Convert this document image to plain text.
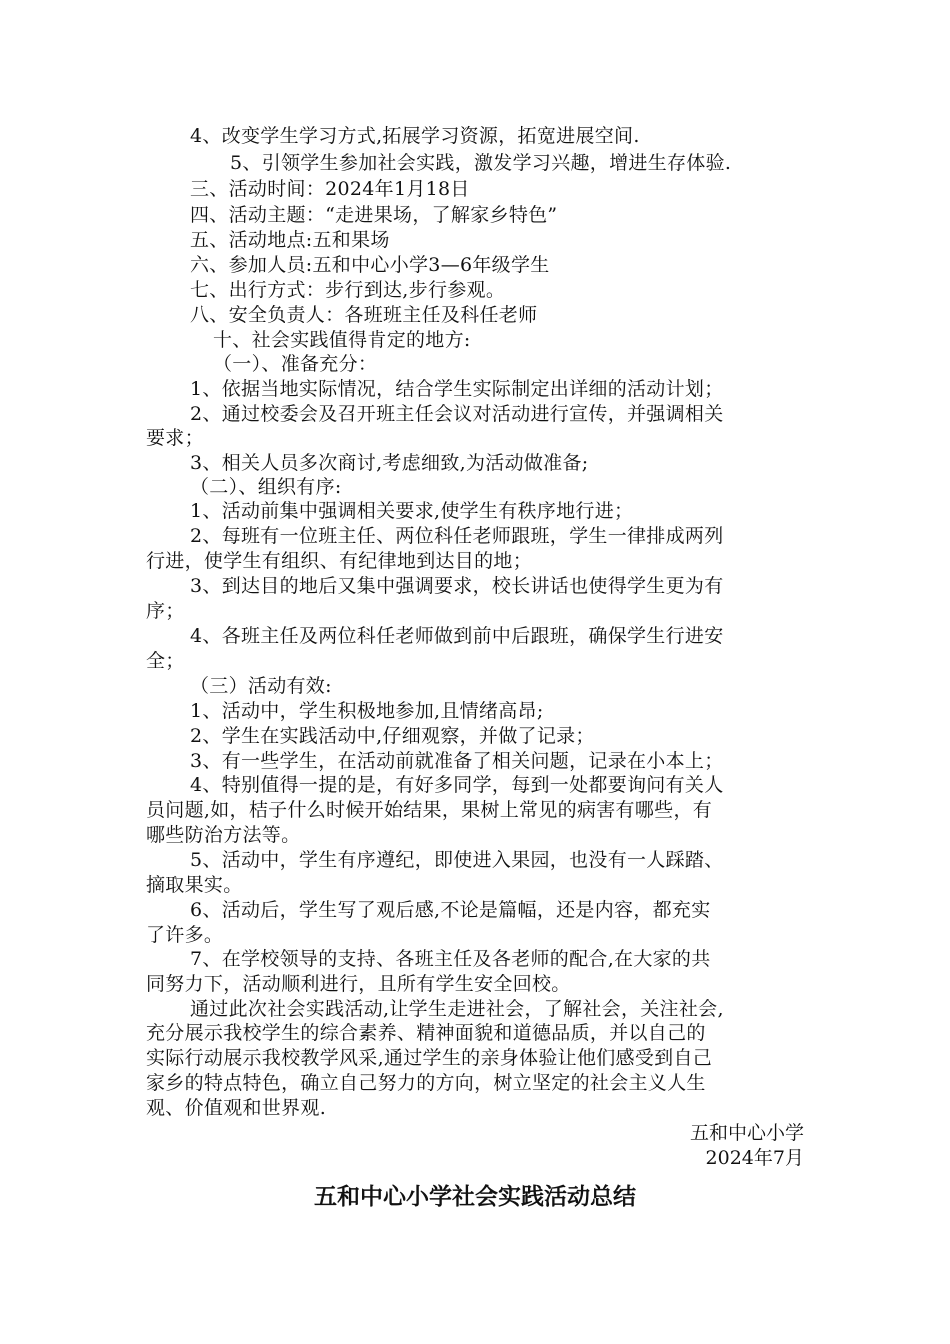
4、改变学生学习方式,拓展学习资源，拓宽进展空间.
5、引领学生参加社会实践，激发学习兴趣，增进生存体验.
三、活动时间：2024年1月18日
四、活动主题：“走进果场，了解家乡特色”
五、活动地点:五和果场
六、参加人员:五和中心小学3—6年级学生
七、出行方式：步行到达,步行参观。
八、安全负责人：各班班主任及科任老师
十、社会实践值得肯定的地方:
（一）、准备充分：
1、依据当地实际情况，结合学生实际制定出详细的活动计划；
2、通过校委会及召开班主任会议对活动进行宣传，并强调相关
要求；
3、相关人员多次商讨,考虑细致,为活动做准备;
（二）、组织有序:
1、活动前集中强调相关要求,使学生有秩序地行进；
2、每班有一位班主任、两位科任老师跟班，学生一律排成两列
行进，使学生有组织、有纪律地到达目的地；
3、到达目的地后又集中强调要求，校长讲话也使得学生更为有
序；
4、各班主任及两位科任老师做到前中后跟班，确保学生行进安
全；
（三）活动有效:
1、活动中，学生积极地参加,且情绪高昂;
2、学生在实践活动中,仔细观察，并做了记录；
3、有一些学生，在活动前就准备了相关问题，记录在小本上；
4、特别值得一提的是，有好多同学，每到一处都要询问有关人
员问题,如，桔子什么时候开始结果，果树上常见的病害有哪些，有
哪些防治方法等。
5、活动中，学生有序遵纪，即使进入果园，也没有一人踩踏、
摘取果实。
6、活动后，学生写了观后感,不论是篇幅，还是内容，都充实
了许多。
7、在学校领导的支持、各班主任及各老师的配合,在大家的共
同努力下，活动顺利进行，且所有学生安全回校。
通过此次社会实践活动,让学生走进社会，了解社会，关注社会,
充分展示我校学生的综合素养、精神面貌和道德品质，并以自己的
实际行动展示我校教学风采,通过学生的亲身体验让他们感受到自己
家乡的特点特色，确立自己努力的方向，树立坚定的社会主义人生
观、价值观和世界观.
五和中心小学
2024年7月
五和中心小学社会实践活动总结
